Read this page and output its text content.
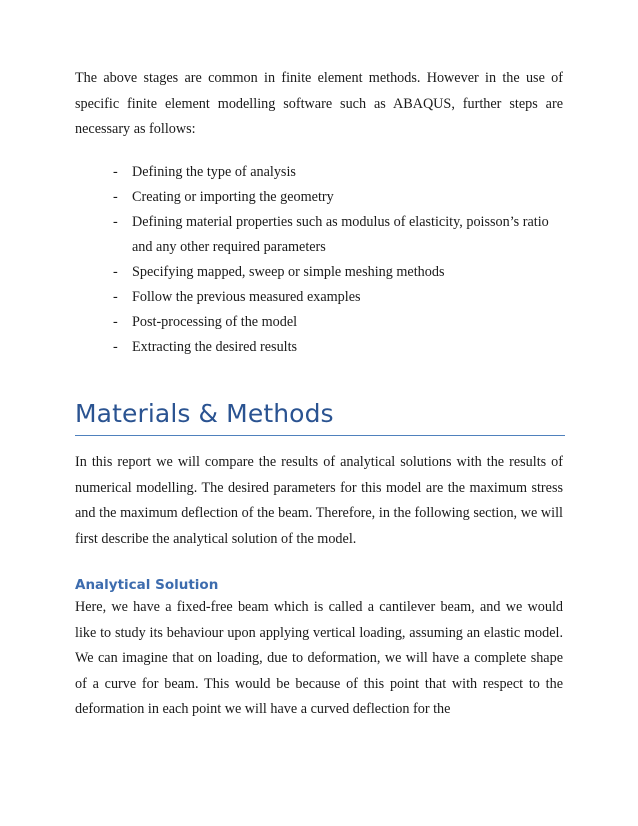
The above stages are common in finite element methods. However in the use of specific finite element modelling software such as ABAQUS, further steps are necessary as follows:

- Defining the type of analysis
- Creating or importing the geometry
- Defining material properties such as modulus of elasticity, poisson’s ratio and any other required parameters
- Specifying mapped, sweep or simple meshing methods
- Follow the previous measured examples
- Post-processing of the model
- Extracting the desired results
Materials & Methods

In this report we will compare the results of analytical solutions with the results of numerical modelling. The desired parameters for this model are the maximum stress and the maximum deflection of the beam. Therefore, in the following section, we will first describe the analytical solution of the model.

Analytical Solution

Here, we have a fixed-free beam which is called a cantilever beam, and we would like to study its behaviour upon applying vertical loading, assuming an elastic model. We can imagine that on loading, due to deformation, we will have a complete shape of a curve for beam. This would be because of this point that with respect to the deformation in each point we will have a curved deflection for the
